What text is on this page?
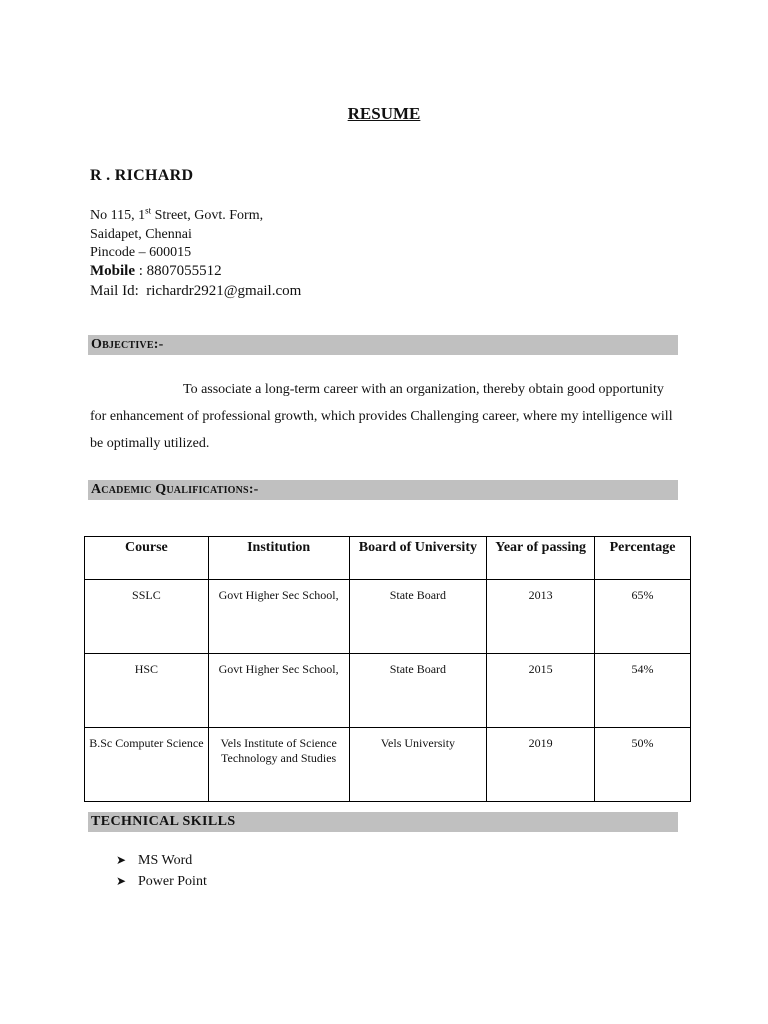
RESUME
R . RICHARD
No 115, 1st Street, Govt. Form,
Saidapet, Chennai
Pincode – 600015
Mobile : 8807055512
Mail Id: richardr2921@gmail.com
Objective:-
To associate a long-term career with an organization, thereby obtain good opportunity for enhancement of professional growth, which provides Challenging career, where my intelligence will be optimally utilized.
Academic Qualifications:-
Course	Institution	Board of University	Year of passing	Percentage
SSLC	Govt Higher Sec School,	State Board	2013	65%
HSC	Govt Higher Sec School,	State Board	2015	54%
B.Sc Computer Science	Vels Institute of Science Technology and Studies	Vels University	2019	50%
TECHNICAL SKILLS
➤ MS Word
➤ Power Point
